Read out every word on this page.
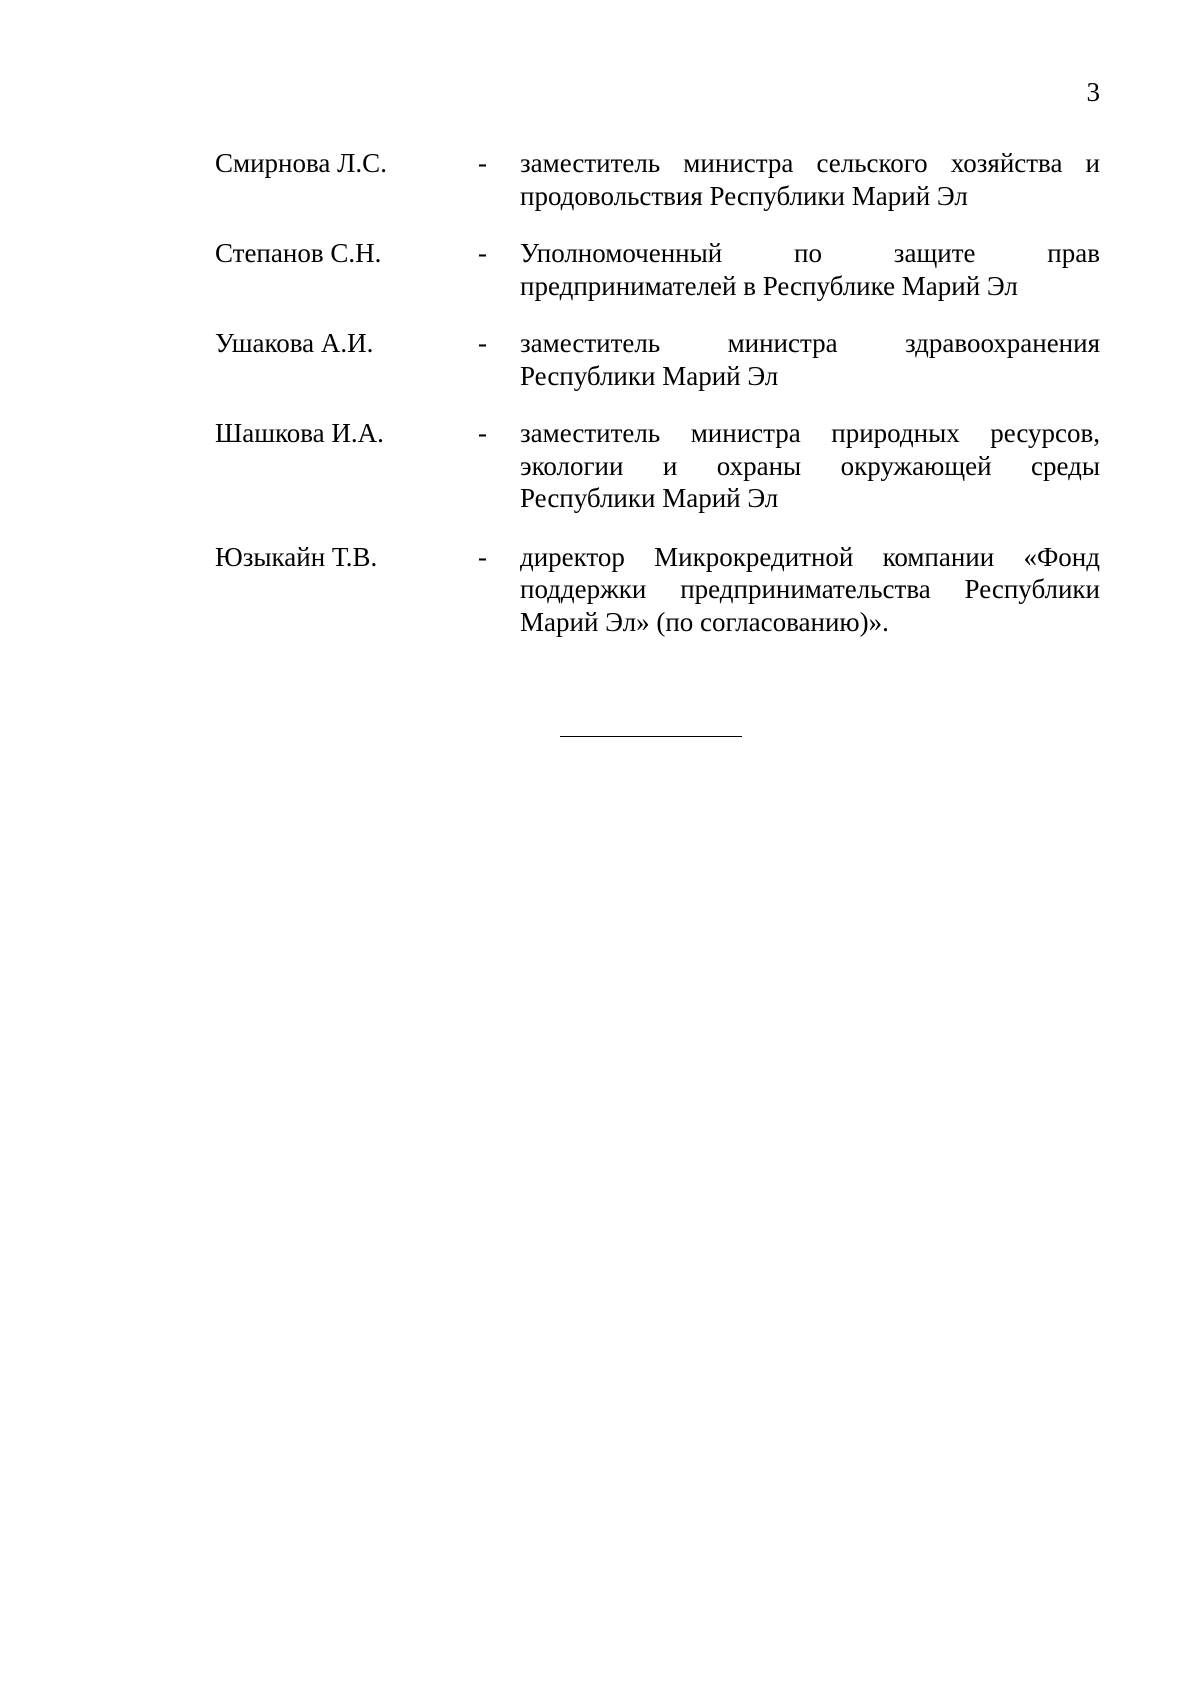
3
Смирнова Л.С.	-	заместитель министра сельского хозяйства и продовольствия Республики Марий Эл
Степанов С.Н.	-	Уполномоченный по защите прав предпринимателей в Республике Марий Эл
Ушакова А.И.	-	заместитель министра здравоохранения Республики Марий Эл
Шашкова И.А.	-	заместитель министра природных ресурсов, экологии и охраны окружающей среды Республики Марий Эл
Юзыкайн Т.В.	-	директор Микрокредитной компании «Фонд поддержки предпринимательства Республики Марий Эл» (по согласованию)».
